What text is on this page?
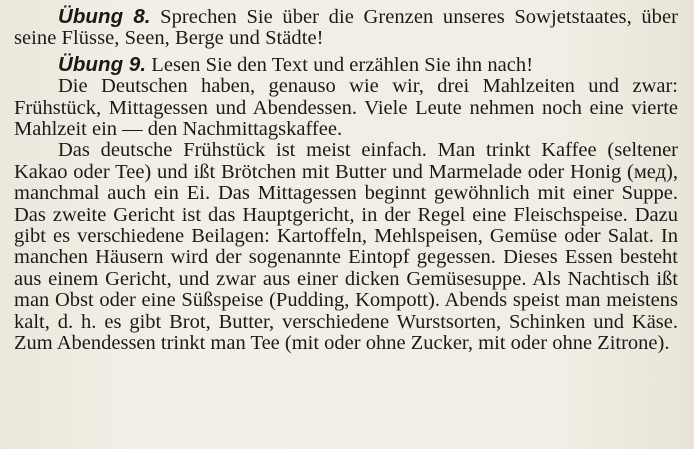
Übung 8. Sprechen Sie über die Grenzen unseres Sowjetstaates, über seine Flüsse, Seen, Berge und Städte!

Übung 9. Lesen Sie den Text und erzählen Sie ihn nach!

Die Deutschen haben, genauso wie wir, drei Mahlzeiten und zwar: Frühstück, Mittagessen und Abendessen. Viele Leute nehmen noch eine vierte Mahlzeit ein — den Nachmittagskaffee.

Das deutsche Frühstück ist meist einfach. Man trinkt Kaffee (seltener Kakao oder Tee) und ißt Brötchen mit Butter und Marmelade oder Honig (мед), manchmal auch ein Ei. Das Mittagessen beginnt gewöhnlich mit einer Suppe. Das zweite Gericht ist das Hauptgericht, in der Regel eine Fleischspeise. Dazu gibt es verschiedene Beilagen: Kartoffeln, Mehlspeisen, Gemüse oder Salat. In manchen Häusern wird der sogenannte Eintopf gegessen. Dieses Essen besteht aus einem Gericht, und zwar aus einer dicken Gemüsesuppe. Als Nachtisch ißt man Obst oder eine Süßspeise (Pudding, Kompott). Abends speist man meistens kalt, d. h. es gibt Brot, Butter, verschiedene Wurstsorten, Schinken und Käse. Zum Abendessen trinkt man Tee (mit oder ohne Zucker, mit oder ohne Zitrone).
